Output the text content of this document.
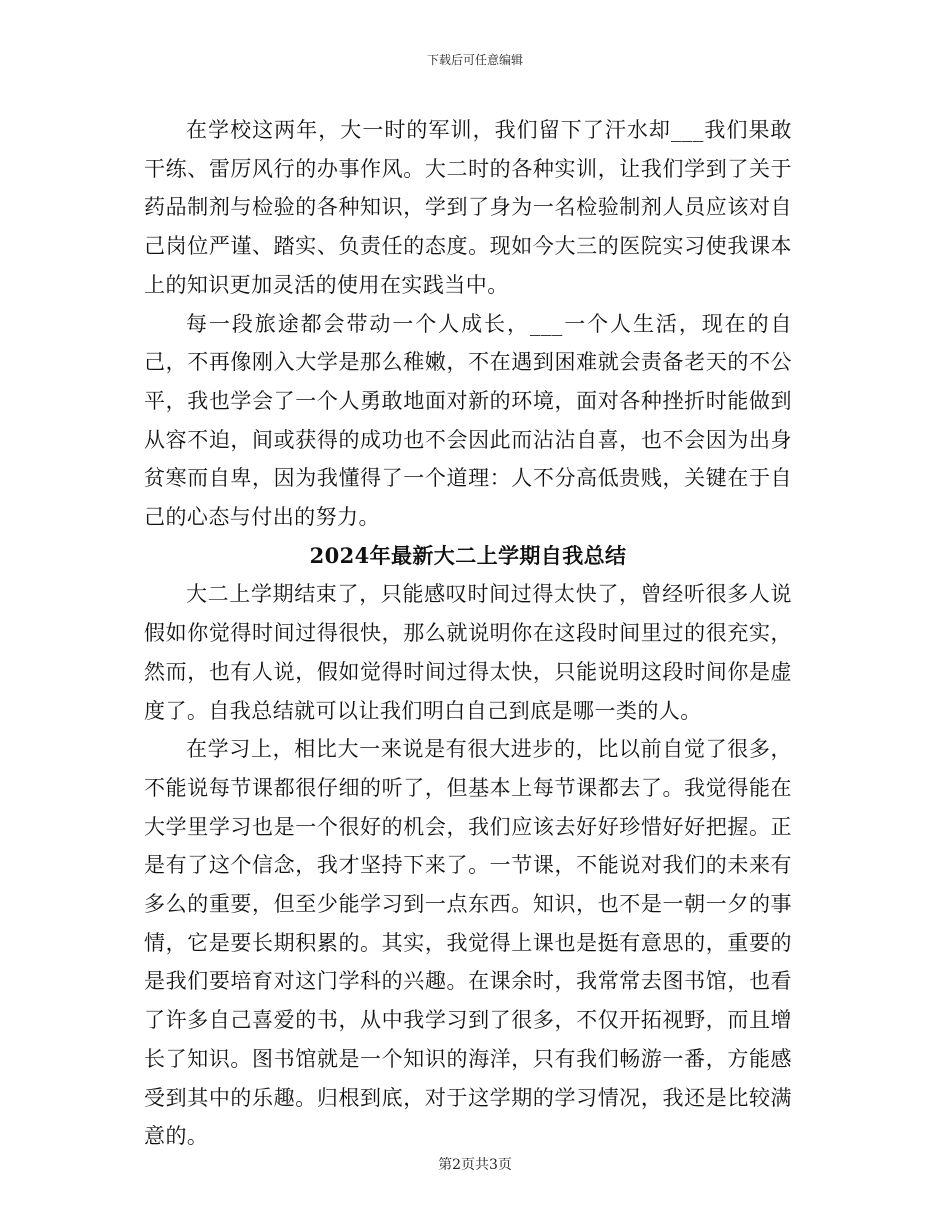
下载后可任意编辑

在学校这两年，大一时的军训，我们留下了汗水却___我们果敢干练、雷厉风行的办事作风。大二时的各种实训，让我们学到了关于药品制剂与检验的各种知识，学到了身为一名检验制剂人员应该对自己岗位严谨、踏实、负责任的态度。现如今大三的医院实习使我课本上的知识更加灵活的使用在实践当中。

每一段旅途都会带动一个人成长，___一个人生活，现在的自己，不再像刚入大学是那么稚嫩，不在遇到困难就会责备老天的不公平，我也学会了一个人勇敢地面对新的环境，面对各种挫折时能做到从容不迫，间或获得的成功也不会因此而沾沾自喜，也不会因为出身贫寒而自卑，因为我懂得了一个道理：人不分高低贵贱，关键在于自己的心态与付出的努力。

2024年最新大二上学期自我总结

大二上学期结束了，只能感叹时间过得太快了，曾经听很多人说假如你觉得时间过得很快，那么就说明你在这段时间里过的很充实，然而，也有人说，假如觉得时间过得太快，只能说明这段时间你是虚度了。自我总结就可以让我们明白自己到底是哪一类的人。

在学习上，相比大一来说是有很大进步的，比以前自觉了很多，不能说每节课都很仔细的听了，但基本上每节课都去了。我觉得能在大学里学习也是一个很好的机会，我们应该去好好珍惜好好把握。正是有了这个信念，我才坚持下来了。一节课，不能说对我们的未来有多么的重要，但至少能学习到一点东西。知识，也不是一朝一夕的事情，它是要长期积累的。其实，我觉得上课也是挺有意思的，重要的是我们要培育对这门学科的兴趣。在课余时，我常常去图书馆，也看了许多自己喜爱的书，从中我学习到了很多，不仅开拓视野，而且增长了知识。图书馆就是一个知识的海洋，只有我们畅游一番，方能感受到其中的乐趣。归根到底，对于这学期的学习情况，我还是比较满意的。

第2页共3页
